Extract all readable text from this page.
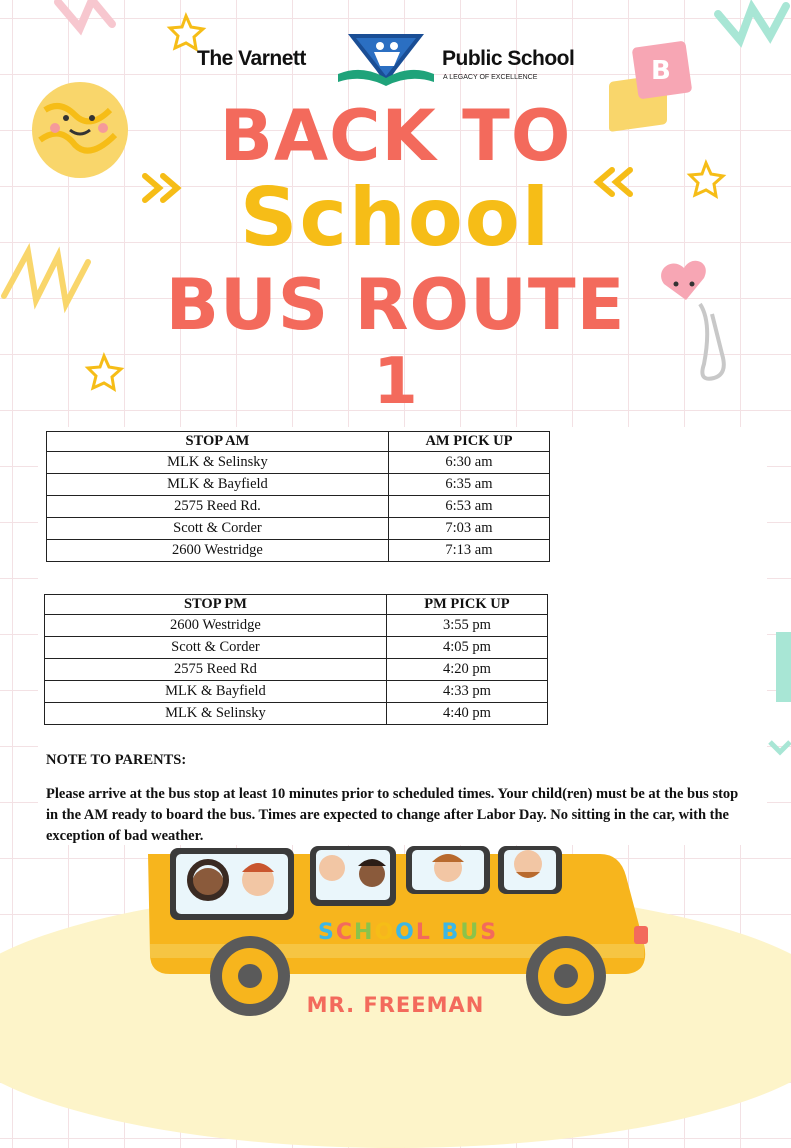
B
The Varnett	Public School
A LEGACY OF EXCELLENCE
BACK TO
School
BUS ROUTE
1
STOP AM	AM PICK UP
MLK & Selinsky	6:30 am
MLK & Bayfield	6:35 am
2575 Reed Rd.	6:53 am
Scott & Corder	7:03 am
2600 Westridge	7:13 am
STOP PM	PM PICK UP
2600 Westridge	3:55 pm
Scott & Corder	4:05 pm
2575 Reed Rd	4:20 pm
MLK & Bayfield	4:33 pm
MLK & Selinsky	4:40 pm
NOTE TO PARENTS:
Please arrive at the bus stop at least 10 minutes prior to scheduled times. Your child(ren) must be at the bus stop in the AM ready to board the bus. Times are expected to change after Labor Day. No sitting in the car, with the exception of bad weather.
SCHOOL BUS
MR. FREEMAN
